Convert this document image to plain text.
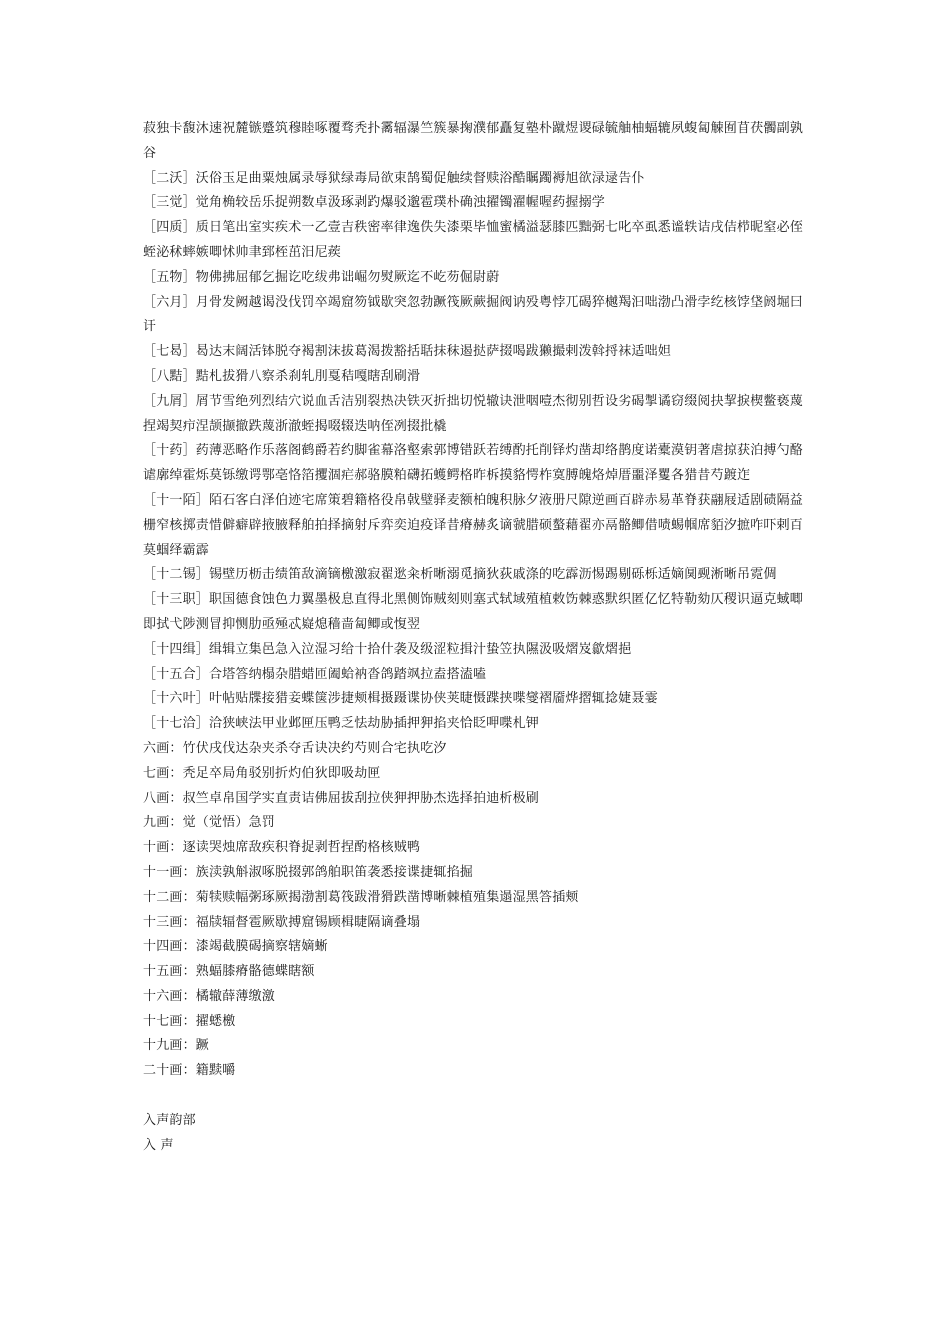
菽独卡馥沐速祝麓镞蹙筑穆睦啄覆骛秃扑霱辐瀑竺簇暴掬濮郁矗复塾朴蹴煜谡碌毓舳柚蝠辘夙蝮匐觫囿苜茯髑副孰谷

［二沃］沃俗玉足曲粟烛属录辱狱绿毒局欲束鹄蜀促触续督赎浴酷瞩躅褥旭欲渌逯告仆

［三觉］觉角桷较岳乐捉朔数卓汲琢剥趵爆驳邈雹璞朴确浊擢镯濯幄喔药握搦学

［四质］质日笔出室实疾术一乙壹吉秩密率律逸佚失漆栗毕恤蜜橘溢瑟膝匹黜弼七叱卒虱悉谧轶诘戌佶栉昵窒必侄蛭泌秫蟀嫉唧怵帅聿郅桎茁汨尼蒺

［五物］物佛拂屈郁乞掘讫吃绂弗诎崛勿熨厥迄不屹芴倔尉蔚

［六月］月骨发阙越谒没伐罚卒竭窟笏钺歇突忽勃蹶筏厥蕨掘阀讷殁粤悖兀碣猝樾羯汩咄渤凸滑孛纥核饽垡阏堀曰讦

［七曷］曷达末阔活钵脱夺褐割沫拔葛渴拨豁括聒抹秣遏挞萨掇喝跋獭撮剌泼斡捋袜适咄妲

［八黠］黠札拔猾八察杀刹轧刖戛秸嘎瞎刮刷滑

［九屑］屑节雪绝列烈结穴说血舌洁别裂热决铁灭折拙切悦辙诀泄咽噎杰彻别哲设劣碣掣谲窃缀阅抉挈捩楔鳖亵蔑捏竭契疖涅颉撷撤跌蔑浙澈蛭揭啜辍迭呐侄冽掇批橇

［十药］药薄恶略作乐落阁鹤爵若约脚雀幕洛壑索郭博错跃若缚酌托削铎灼凿却络鹊度诺橐漠钥著虐掠获泊搏勺酪谑廓绰霍烁莫铄缴谔鄂亳恪箔攫涸疟郝骆膜粕礴拓蠖鳄格昨柝摸貉愕柞寞膊魄烙焯厝噩泽矍各猎昔芍踱迮

［十一陌］陌石客白泽伯迹宅席策碧籍格役帛戟璧驿麦额柏魄积脉夕液册尺隙逆画百辟赤易革脊获翮屐适剧碛隔益栅窄核掷责惜僻癖辟掖腋释舶拍择摘射斥弈奕迫疫译昔瘠赫炙谪虢腊硕螯藉翟亦鬲骼鲫借啧蜴帼席貊汐摭咋吓剌百莫蝈绎霸霹

［十二锡］锡壁历枥击绩笛敌滴镝檄激寂翟逖籴析晰溺觅摘狄荻戚涤的吃霹沥惕踢剔砾栎适嫡阒觋淅晰吊霓倜

［十三职］职国德食蚀色力翼墨极息直得北黑侧饰贼刻则塞式轼域殖植敕饬棘惑默织匿亿忆特勒劾仄稷识逼克蜮唧即拭弋陟测冒抑恻肋亟殛忒嶷熄穑啬匐鲫或愎翌

［十四缉］缉辑立集邑急入泣湿习给十拾什袭及级涩粒揖汁蛰笠执隰汲吸熠岌歙熠挹

［十五合］合塔答纳榻杂腊蜡匝阖蛤衲沓鸽踏飒拉盍搭溘嗑

［十六叶］叶帖贴牒接猎妾蝶箧涉捷颊楫摄蹑谍协侠荚睫慑蹀挟喋燮褶靥烨摺辄捻婕聂霎

［十七洽］洽狭峡法甲业邺匣压鸭乏怯劫胁插押狎掐夹恰眨呷喋札钾

六画：竹伏戌伐达杂夹杀夺舌诀决约芍则合宅执吃汐

七画：秃足卒局角驳别折灼伯狄即吸劫匣

八画：叔竺卓帛国学实直责诘佛屈拔刮拉侠狎押胁杰选择拍迪析极刷

九画：觉（觉悟）急罚

十画：逐读哭烛席敌疾积脊捉剥哲捏酌格核贼鸭

十一画：族渎孰斛淑啄脱掇郭鸽舶职笛袭悉接谍捷辄掐掘

十二画：菊犊赎幅粥琢厥揭渤割葛筏跋滑猾跌凿博晰棘植殖集遢湿黑答插颊

十三画：福牍辐督雹厥歇搏窟锡顾楫睫隔谪叠塌

十四画：漆竭截膜碣摘察辖嫡蜥

十五画：熟蝠膝瘠骼德蝶瞎额

十六画：橘辙薛薄缴激

十七画：擢蟋檄

十九画：蹶

二十画：籍黩嚼

入声韵部

入 声
